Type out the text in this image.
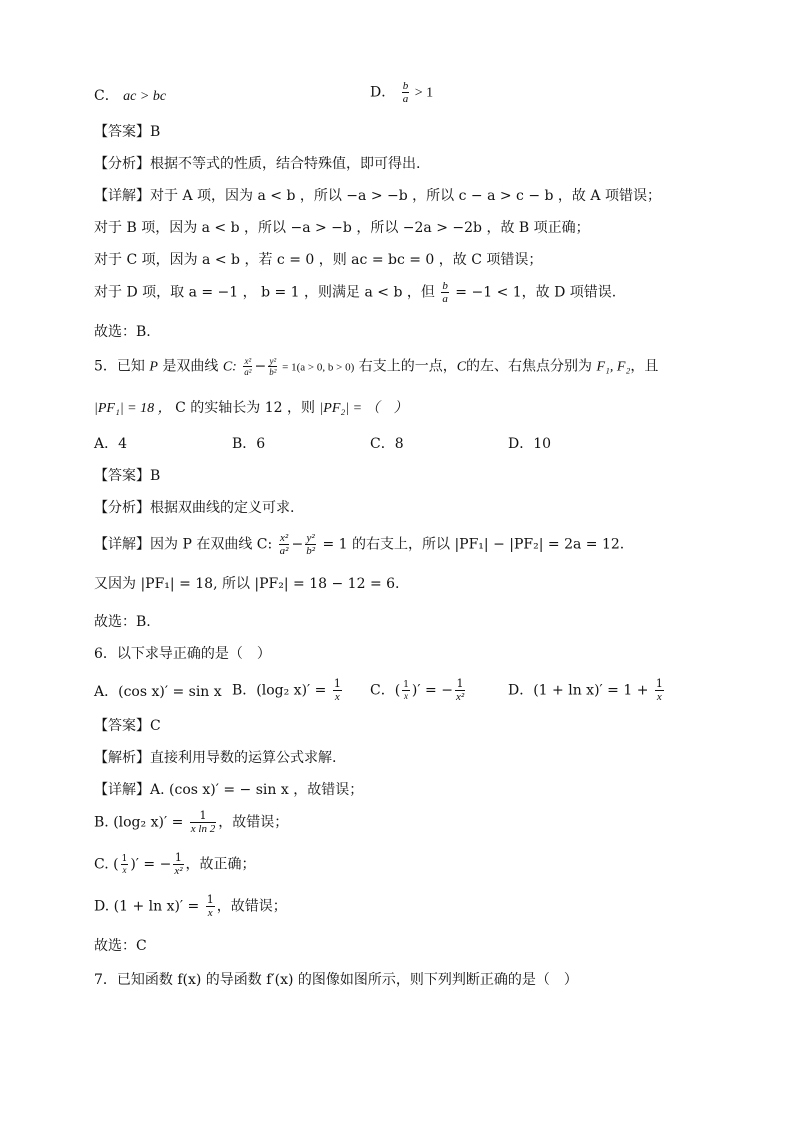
C． ac > bc	D． $\frac{b}{a} > 1$
【答案】B
【分析】根据不等式的性质，结合特殊值，即可得出.
【详解】对于 A 项，因为 a < b ，所以 −a > −b ，所以 c − a > c − b ，故 A 项错误；
对于 B 项，因为 a < b ，所以 −a > −b ，所以 −2a > −2b ，故 B 项正确；
对于 C 项，因为 a < b ，若 c = 0 ，则 ac = bc = 0 ，故 C 项错误；
对于 D 项，取 a = −1 ， b = 1 ，则满足 a < b ，但 $\frac{b}{a} = -1 < 1$，故 D 项错误.
故选：B.
5．已知 P 是双曲线 C: $\frac{\text{x²}}{\text{a²}} - \frac{\text{y²}}{\text{b²}} = 1(a > 0$, b > 0) 右支上的一点，C的左、右焦点分别为 F₁, F₂，且
|PF₁| = 18 ， C 的实轴长为 12 ，则 |PF₂| = （　）
A．4	B．6	C．8	D．10
【答案】B
【分析】根据双曲线的定义可求.
【详解】因为 P 在双曲线 C: $\frac{\text{x²}}{\text{a²}} - \frac{\text{y²}}{\text{b²}} = 1$ 的右支上，所以 |PF₁| − |PF₂| = 2a = 12.
又因为 |PF₁| = 18, 所以 |PF₂| = 18 − 12 = 6.
故选：B.
6．以下求导正确的是（　）
A．(cos x)′ = sin x B．(log₂ $x)' = \frac{1}{x}$ C．( $\frac{1}{x}$ )′ = − $\frac{1}{\text{x²}}$	D．$(1 + \ln x)' = 1 + \frac{1}{x}$
【答案】C
【解析】直接利用导数的运算公式求解.
【详解】A. (cos x)′ = − sin x ，故错误；
B. (log₂ $x)' = \frac{1}{\text{x ln 2}}$ ，故错误；
C. ( $\frac{1}{x}$ )′ = − $\frac{1}{\text{x²}}$ ，故正确；
D. $(1 + \ln x)' = \frac{1}{x}$ ，故错误；
故选：C
7．已知函数 f(x) 的导函数 f′(x) 的图像如图所示，则下列判断正确的是（　）
